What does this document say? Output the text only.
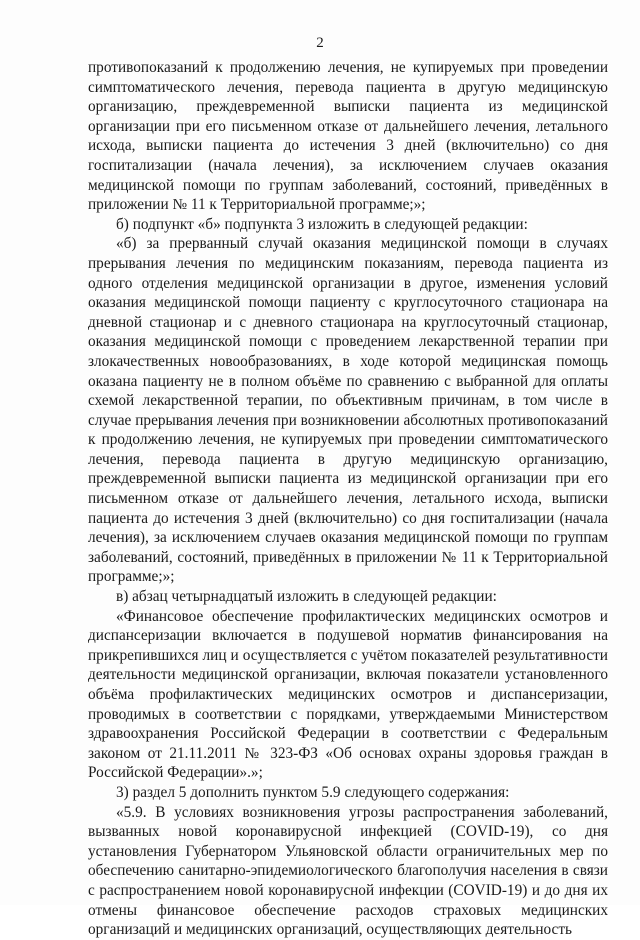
2

противопоказаний к продолжению лечения, не купируемых при проведении симптоматического лечения, перевода пациента в другую медицинскую организацию, преждевременной выписки пациента из медицинской организации при его письменном отказе от дальнейшего лечения, летального исхода, выписки пациента до истечения 3 дней (включительно) со дня госпитализации (начала лечения), за исключением случаев оказания медицинской помощи по группам заболеваний, состояний, приведённых в приложении № 11 к Территориальной программе;»;

б) подпункт «б» подпункта 3 изложить в следующей редакции:

«б) за прерванный случай оказания медицинской помощи в случаях прерывания лечения по медицинским показаниям, перевода пациента из одного отделения медицинской организации в другое, изменения условий оказания медицинской помощи пациенту с круглосуточного стационара на дневной стационар и с дневного стационара на круглосуточный стационар, оказания медицинской помощи с проведением лекарственной терапии при злокачественных новообразованиях, в ходе которой медицинская помощь оказана пациенту не в полном объёме по сравнению с выбранной для оплаты схемой лекарственной терапии, по объективным причинам, в том числе в случае прерывания лечения при возникновении абсолютных противопоказаний к продолжению лечения, не купируемых при проведении симптоматического лечения, перевода пациента в другую медицинскую организацию, преждевременной выписки пациента из медицинской организации при его письменном отказе от дальнейшего лечения, летального исхода, выписки пациента до истечения 3 дней (включительно) со дня госпитализации (начала лечения), за исключением случаев оказания медицинской помощи по группам заболеваний, состояний, приведённых в приложении № 11 к Территориальной программе;»;

в) абзац четырнадцатый изложить в следующей редакции:

«Финансовое обеспечение профилактических медицинских осмотров и диспансеризации включается в подушевой норматив финансирования на прикрепившихся лиц и осуществляется с учётом показателей результативности деятельности медицинской организации, включая показатели установленного объёма профилактических медицинских осмотров и диспансеризации, проводимых в соответствии с порядками, утверждаемыми Министерством здравоохранения Российской Федерации в соответствии с Федеральным законом от 21.11.2011 № 323-ФЗ «Об основах охраны здоровья граждан в Российской Федерации».»;

3) раздел 5 дополнить пунктом 5.9 следующего содержания:

«5.9. В условиях возникновения угрозы распространения заболеваний, вызванных новой коронавирусной инфекцией (COVID-19), со дня установления Губернатором Ульяновской области ограничительных мер по обеспечению санитарно-эпидемиологического благополучия населения в связи с распространением новой коронавирусной инфекции (COVID-19) и до дня их отмены финансовое обеспечение расходов страховых медицинских организаций и медицинских организаций, осуществляющих деятельность
